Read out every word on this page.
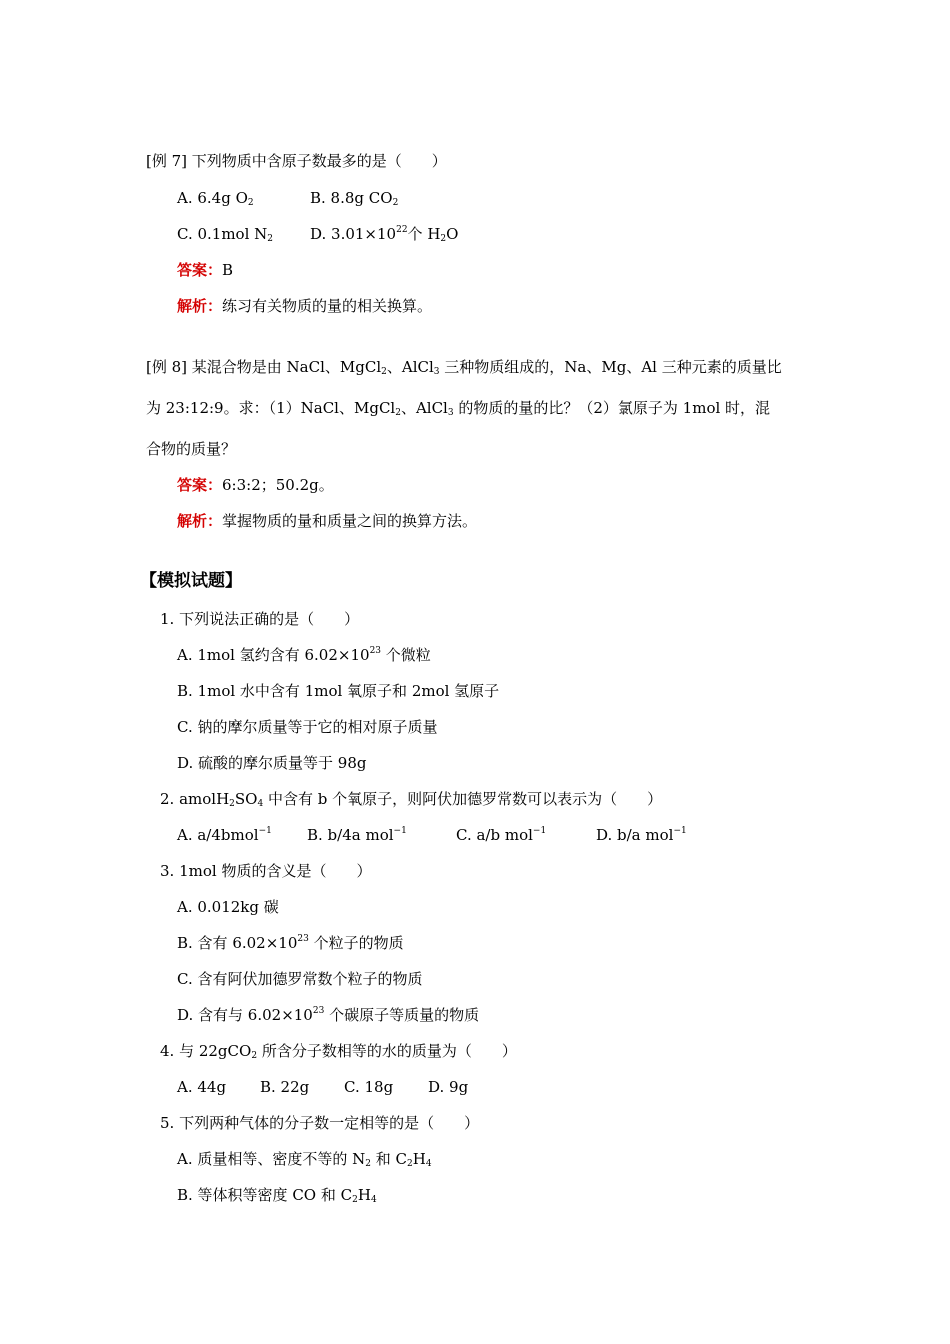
[例 7] 下列物质中含原子数最多的是（　　）
A. 6.4g $O_2$	B. 8.8g $CO_2$
C. 0.1mol $N_2$ D. $3.01\times 10^{22}$个 $H_2O$
答案：B
解析：练习有关物质的量的相关换算。
[例 8] 某混合物是由 NaCl、MgCl$_2$、AlCl$_3$ 三种物质组成的，Na、Mg、Al 三种元素的质量比
为 23:12:9。求：（1）NaCl、MgCl$_2$、AlCl$_3$ 的物质的量的比？（2）氯原子为 1mol 时，混
合物的质量？
答案：6:3:2；50.2g。
解析：掌握物质的量和质量之间的换算方法。
【模拟试题】
1. 下列说法正确的是（　　）
A. 1mol 氢约含有 $6.02\times 10^{23}$ 个微粒
B. 1mol 水中含有 1mol 氧原子和 2mol 氢原子
C. 钠的摩尔质量等于它的相对原子质量
D. 硫酸的摩尔质量等于 98g
2. $amolH_2SO_4$ 中含有 b 个氧原子，则阿伏加德罗常数可以表示为（　　）
A. a/4bmol$^{-1}$ B. b/4a mol$^{-1}$	C. a/b mol$^{-1}$	D. b/a mol$^{-1}$
3. 1mol 物质的含义是（　　）
A. 0.012kg 碳
B. 含有 $6.02\times 10^{23}$ 个粒子的物质
C. 含有阿伏加德罗常数个粒子的物质
D. 含有与 $6.02\times 10^{23}$ 个碳原子等质量的物质
4. 与 22gCO$_2$ 所含分子数相等的水的质量为（　　）
A. 44g B. 22g C. 18g D. 9g
5. 下列两种气体的分子数一定相等的是（　　）
A. 质量相等、密度不等的 $N_2$ 和 $C_2H_4$
B. 等体积等密度 CO 和 $C_2H_4$
